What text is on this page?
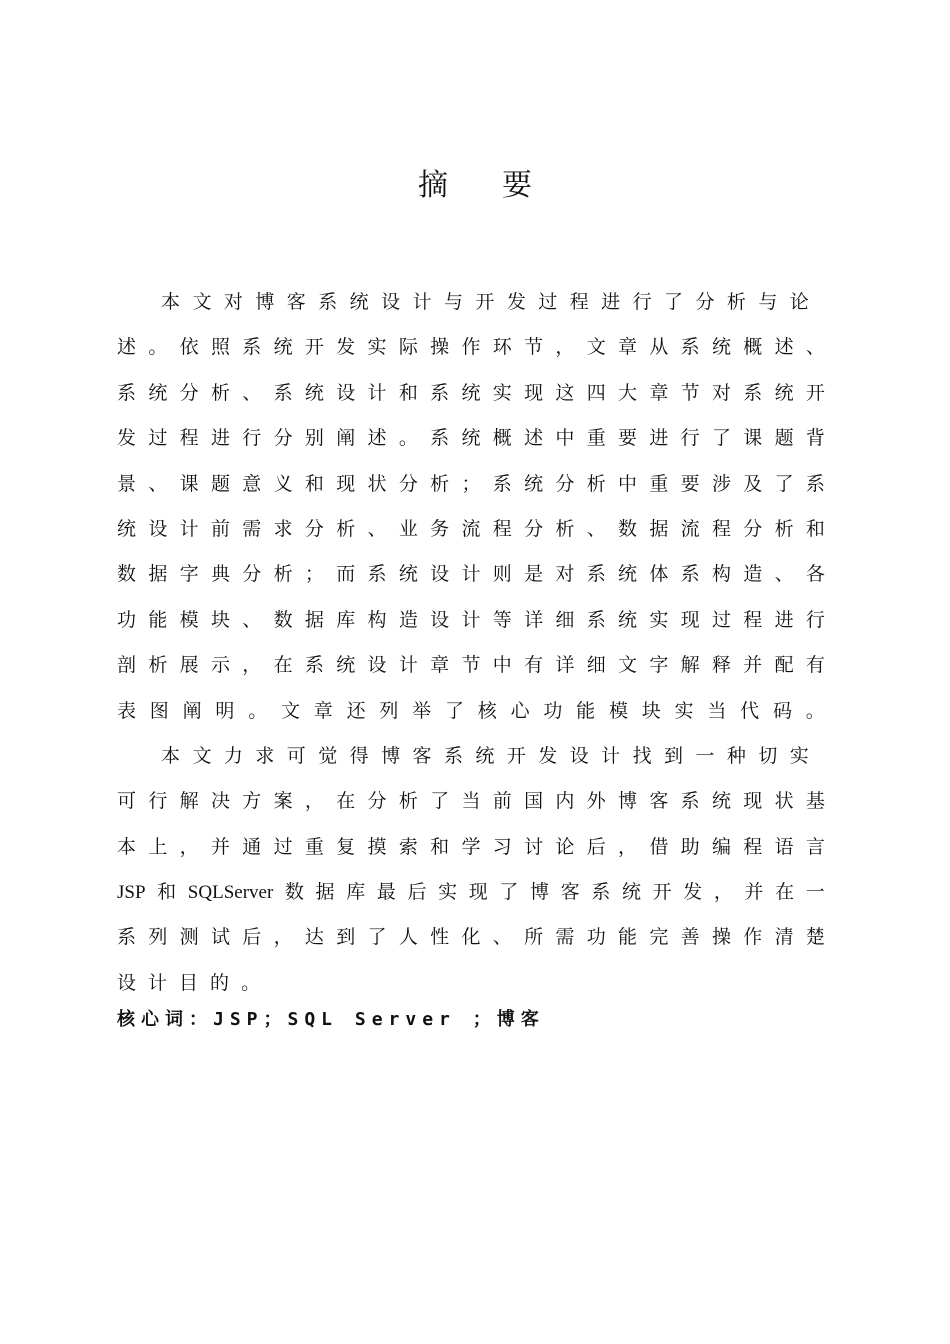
摘要
本 文 对 博 客 系 统 设 计 与 开 发 过 程 进 行 了 分 析 与 论
述 。 依 照 系 统 开 发 实 际 操 作 环 节 ， 文 章 从 系 统 概 述 、
系 统 分 析 、 系 统 设 计 和 系 统 实 现 这 四 大 章 节 对 系 统 开
发 过 程 进 行 分 别 阐 述 。 系 统 概 述 中 重 要 进 行 了 课 题 背
景 、 课 题 意 义 和 现 状 分 析 ； 系 统 分 析 中 重 要 涉 及 了 系
统 设 计 前 需 求 分 析 、 业 务 流 程 分 析 、 数 据 流 程 分 析 和
数 据 字 典 分 析 ； 而 系 统 设 计 则 是 对 系 统 体 系 构 造 、 各
功 能 模 块 、 数 据 库 构 造 设 计 等 详 细 系 统 实 现 过 程 进 行
剖 析 展 示 ， 在 系 统 设 计 章 节 中 有 详 细 文 字 解 释 并 配 有
表 图 阐 明 。 文 章 还 列 举 了 核 心 功 能 模 块 实 当 代 码 。
本 文 力 求 可 觉 得 博 客 系 统 开 发 设 计 找 到 一 种 切 实
可 行 解 决 方 案 ， 在 分 析 了 当 前 国 内 外 博 客 系 统 现 状 基
本 上 ， 并 通 过 重 复 摸 索 和 学 习 讨 论 后 ， 借 助 编 程 语 言
JSP 和 SQLServer 数 据 库 最 后 实 现 了 博 客 系 统 开 发 ， 并 在 一
系 列 测 试 后 ， 达 到 了 人 性 化 、 所 需 功 能 完 善 操 作 清 楚
设 计 目 的 。
核心词：JSP；SQL Server ；博客
